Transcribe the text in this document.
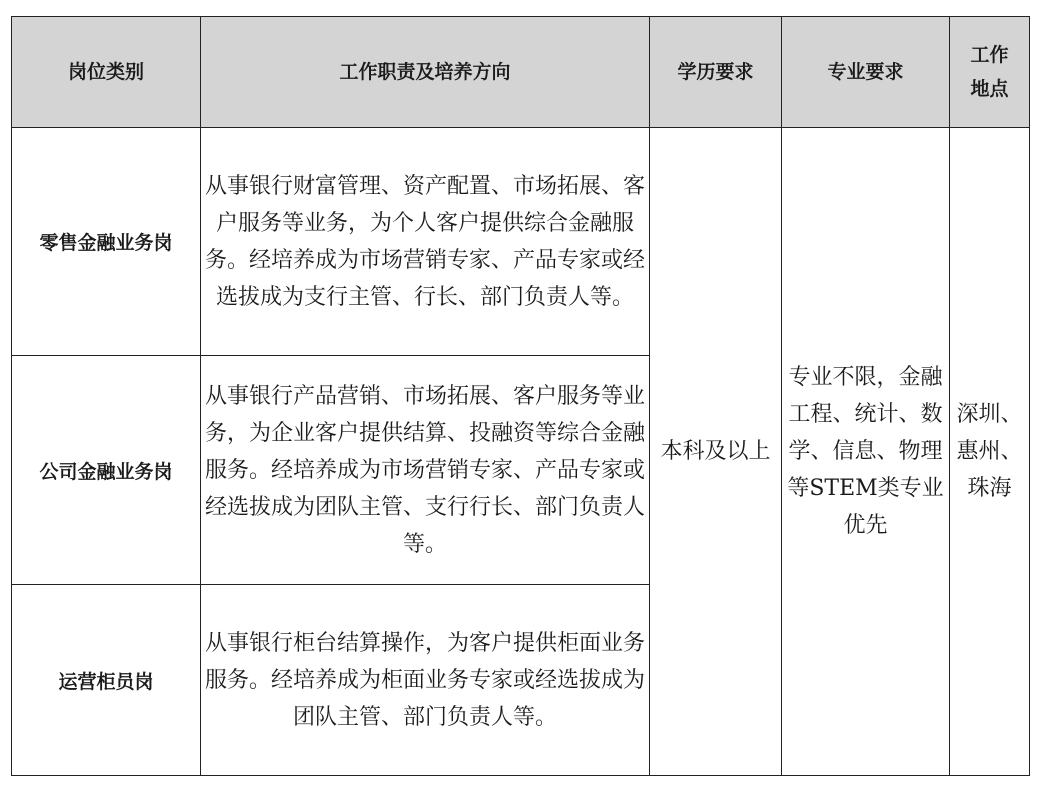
岗位类别	工作职责及培养方向	学历要求	专业要求	工作地点
零售金融业务岗	从事银行财富管理、资产配置、市场拓展、客户服务等业务，为个人客户提供综合金融服务。经培养成为市场营销专家、产品专家或经选拔成为支行主管、行长、部门负责人等。	本科及以上	专业不限，金融工程、统计、数学、信息、物理等STEM类专业优先	深圳、惠州、珠海
公司金融业务岗	从事银行产品营销、市场拓展、客户服务等业务，为企业客户提供结算、投融资等综合金融服务。经培养成为市场营销专家、产品专家或经选拔成为团队主管、支行行长、部门负责人等。			
运营柜员岗	从事银行柜台结算操作，为客户提供柜面业务服务。经培养成为柜面业务专家或经选拔成为团队主管、部门负责人等。			
